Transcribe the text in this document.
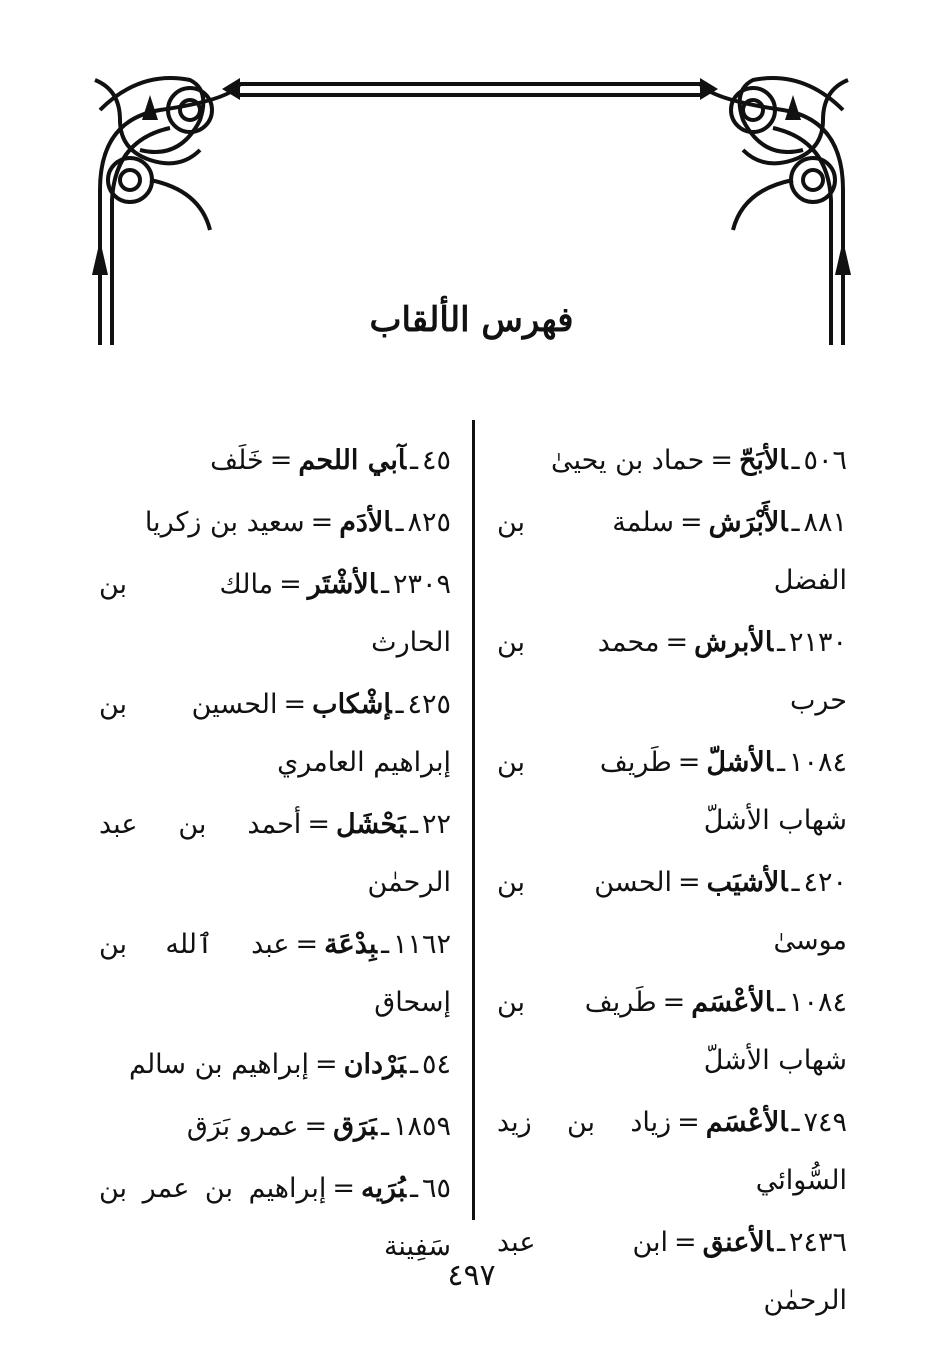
فهرس الألقاب
٥٠٦ـالأبَحّ=حماد بن يحيىٰ
٨٨١ـالأَبْرَش=سلمة بن الفضل
٢١٣٠ـالأبرش=محمد بن حرب
١٠٨٤ـالأشلّ=طَريف بن شهاب الأشلّ
٤٢٠ـالأشيَب=الحسن بن موسىٰ
١٠٨٤ـالأعْسَم=طَريف بن شهاب الأشلّ
٧٤٩ـالأعْسَم=زياد بن زيد السُّوائي
٢٤٣٦ـالأعنق=ابن عبد الرحمٰن
٤٥ـآبي اللحم=خَلَف
٨٢٥ـالأدَم=سعيد بن زكريا
٢٣٠٩ـالأشْتَر=مالك بن الحارث
٤٢٥ـإشْكاب=الحسين بن إبراهيم العامري
٢٢ـبَحْشَل=أحمد بن عبد الرحمٰن
١١٦٢ـبِدْعَة=عبد ٱلله بن إسحاق
٥٤ـبَرْدان=إبراهيم بن سالم
١٨٥٩ـبَرَق=عمرو بَرَق
٦٥ـبُرَيه=إبراهيم بن عمر بن سَفِينة
٤٩٧
